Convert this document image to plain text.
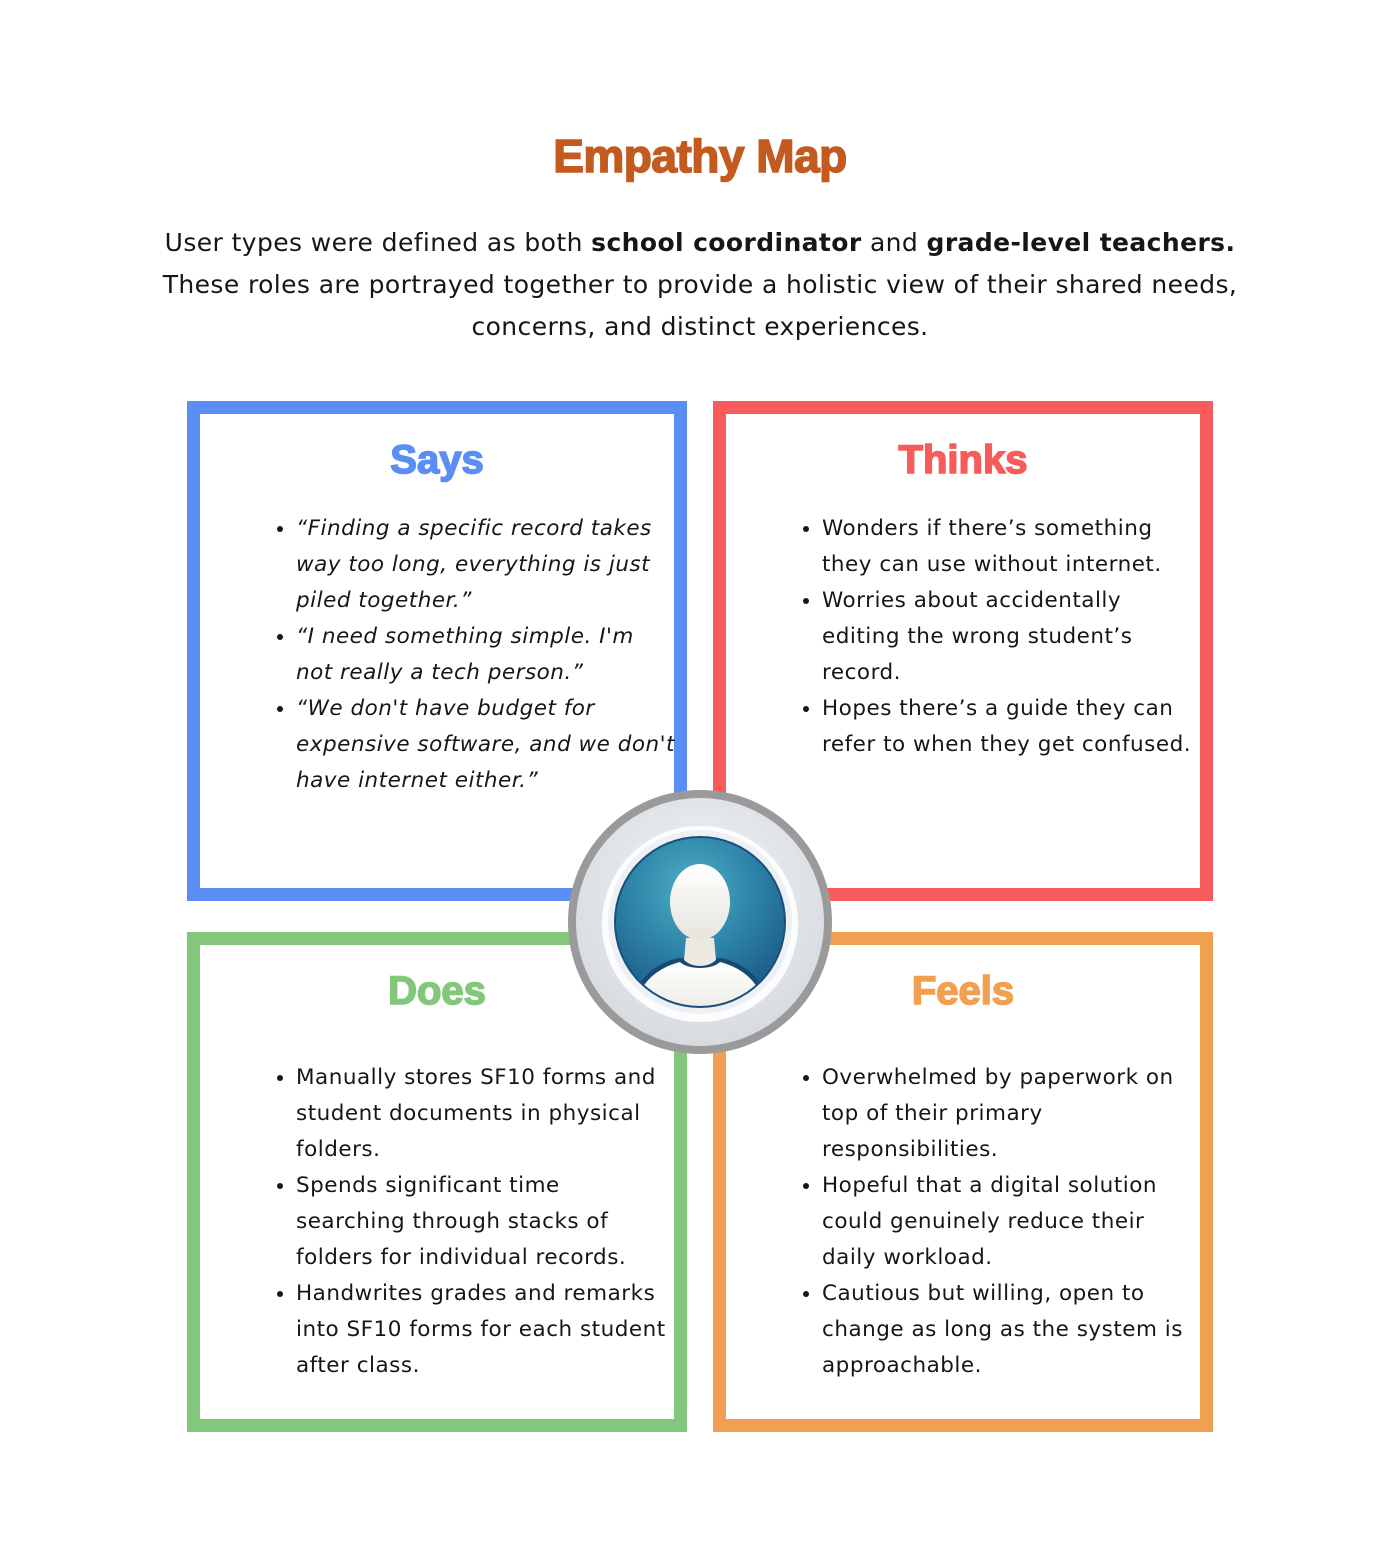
Empathy Map

User types were defined as both school coordinator and grade-level teachers.
These roles are portrayed together to provide a holistic view of their shared needs, concerns, and distinct experiences.

Says
• “Finding a specific record takes way too long, everything is just piled together.”
• “I need something simple. I'm not really a tech person.”
• “We don't have budget for expensive software, and we don't have internet either.”
Thinks
• Wonders if there’s something they can use without internet.
• Worries about accidentally editing the wrong student’s record.
• Hopes there’s a guide they can refer to when they get confused.
Does
• Manually stores SF10 forms and student documents in physical folders.
• Spends significant time searching through stacks of folders for individual records.
• Handwrites grades and remarks into SF10 forms for each student after class.
Feels
• Overwhelmed by paperwork on top of their primary responsibilities.
• Hopeful that a digital solution could genuinely reduce their daily workload.
• Cautious but willing, open to change as long as the system is approachable.
